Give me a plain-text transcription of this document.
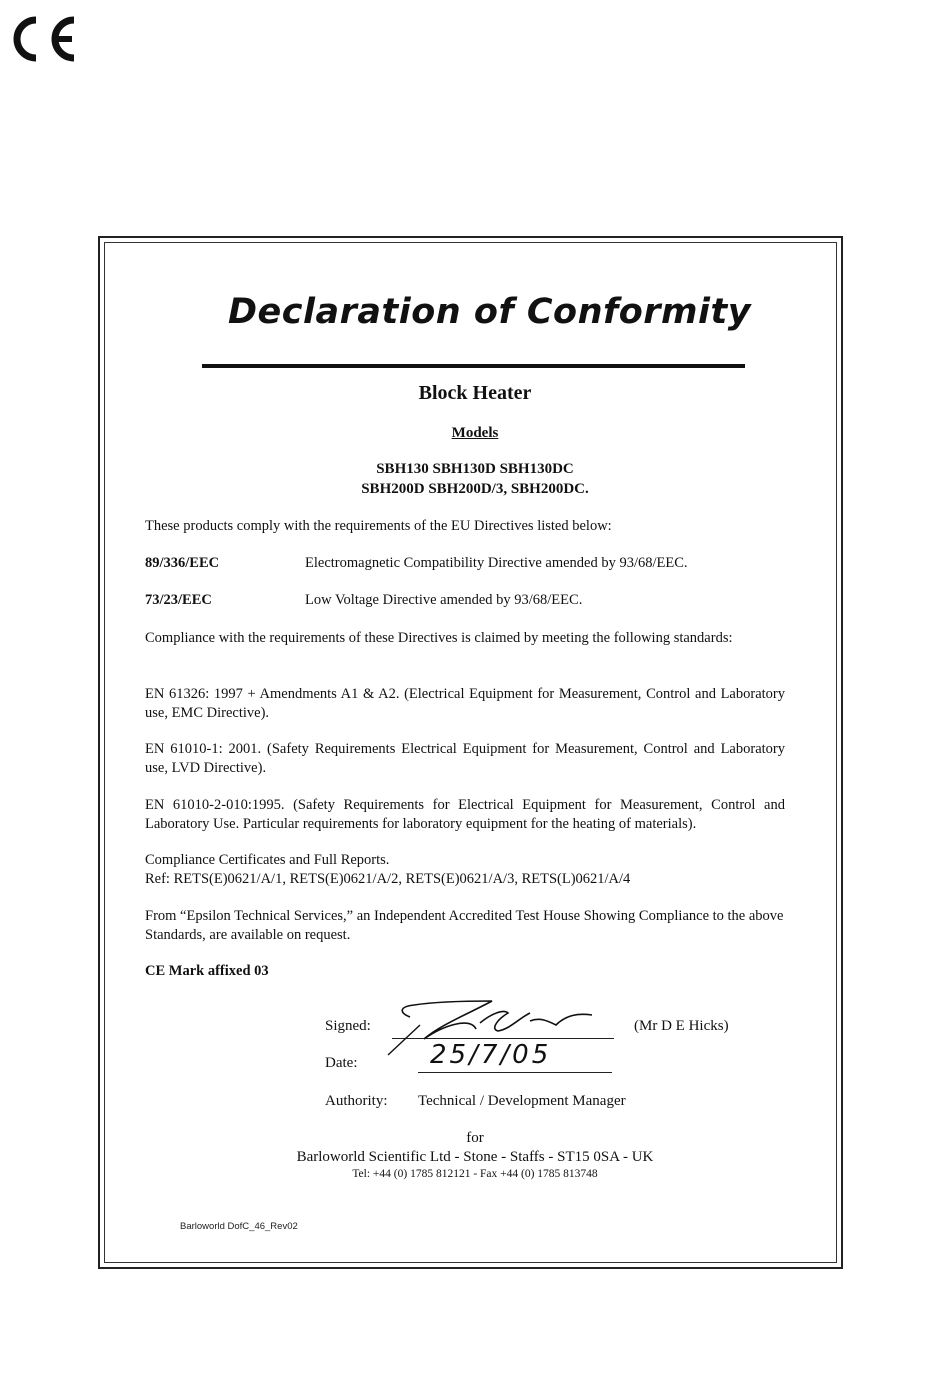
Declaration of Conformity
Block Heater
Models
SBH130 SBH130D SBH130DC
SBH200D SBH200D/3, SBH200DC.
These products comply with the requirements of the EU Directives listed below:
89/336/EEC	Electromagnetic Compatibility Directive amended by 93/68/EEC.
73/23/EEC	Low Voltage Directive amended by 93/68/EEC.
Compliance with the requirements of these Directives is claimed by meeting the following standards:
EN 61326: 1997 + Amendments A1 & A2. (Electrical Equipment for Measurement, Control and Laboratory use, EMC Directive).
EN 61010-1: 2001. (Safety Requirements Electrical Equipment for Measurement, Control and Laboratory use, LVD Directive).
EN 61010-2-010:1995. (Safety Requirements for Electrical Equipment for Measurement, Control and Laboratory Use. Particular requirements for laboratory equipment for the heating of materials).
Compliance Certificates and Full Reports.
Ref: RETS(E)0621/A/1, RETS(E)0621/A/2, RETS(E)0621/A/3, RETS(L)0621/A/4
From “Epsilon Technical Services,” an Independent Accredited Test House Showing Compliance to the above Standards, are available on request.
CE Mark affixed 03
Signed:	(Mr D E Hicks)
Date:	25/7/05
Authority: Technical / Development Manager
for
Barloworld Scientific Ltd - Stone - Staffs - ST15 0SA - UK
Tel: +44 (0) 1785 812121 - Fax +44 (0) 1785 813748
Barloworld DofC_46_Rev02
